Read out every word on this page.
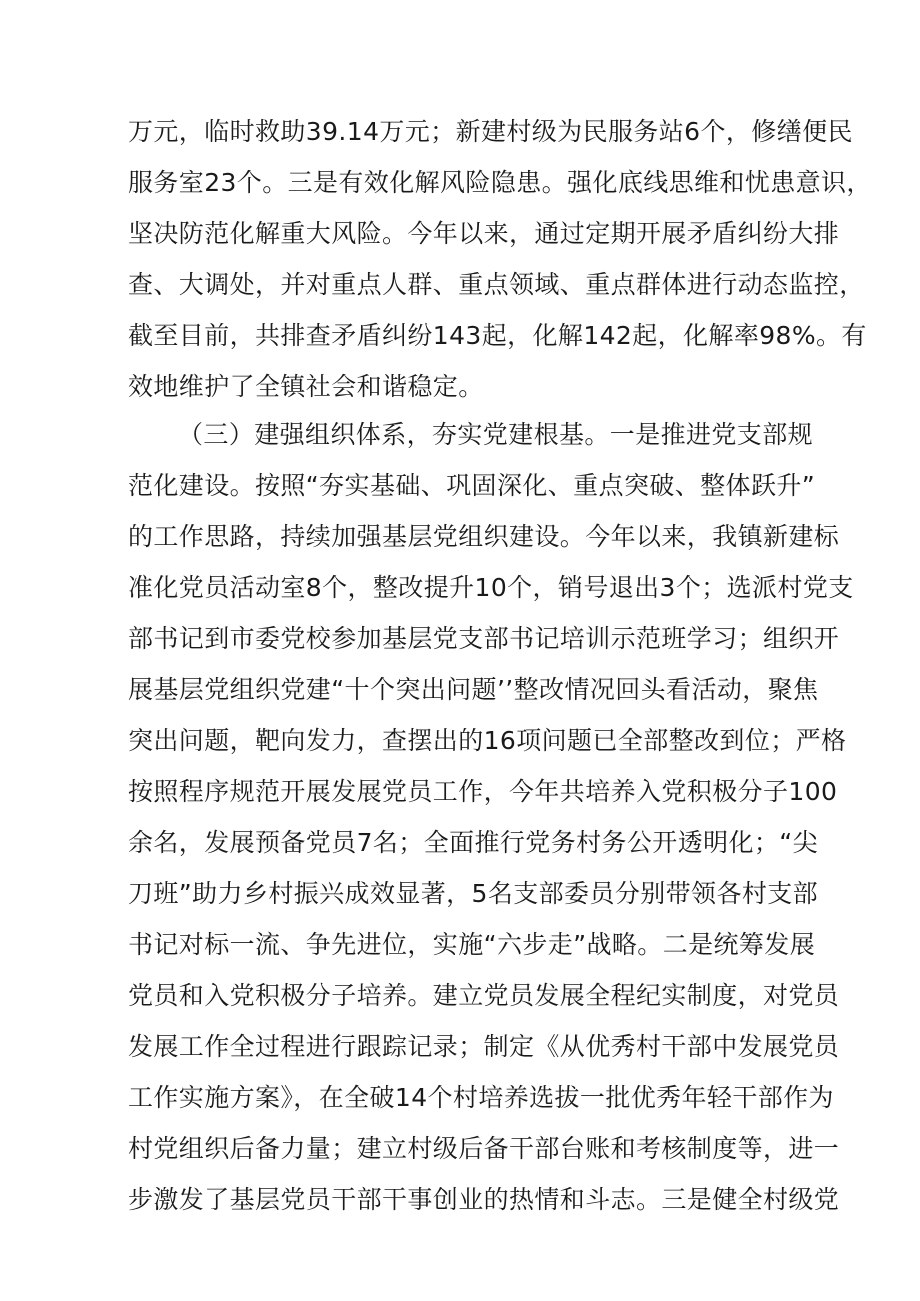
万元，临时救助39.14万元；新建村级为民服务站6个，修缮便民
服务室23个。三是有效化解风险隐患。强化底线思维和忧患意识，
坚决防范化解重大风险。今年以来，通过定期开展矛盾纠纷大排
查、大调处，并对重点人群、重点领域、重点群体进行动态监控，
截至目前，共排查矛盾纠纷143起，化解142起，化解率98%。有
效地维护了全镇社会和谐稳定。
（三）建强组织体系，夯实党建根基。一是推进党支部规
范化建设。按照“夯实基础、巩固深化、重点突破、整体跃升”
的工作思路，持续加强基层党组织建设。今年以来，我镇新建标
准化党员活动室8个，整改提升10个，销号退出3个；选派村党支
部书记到市委党校参加基层党支部书记培训示范班学习；组织开
展基层党组织党建“十个突出问题’’整改情况回头看活动，聚焦
突出问题，靶向发力，查摆出的16项问题已全部整改到位；严格
按照程序规范开展发展党员工作，今年共培养入党积极分子100
余名，发展预备党员7名；全面推行党务村务公开透明化；“尖
刀班”助力乡村振兴成效显著，5名支部委员分别带领各村支部
书记对标一流、争先进位，实施“六步走”战略。二是统筹发展
党员和入党积极分子培养。建立党员发展全程纪实制度，对党员
发展工作全过程进行跟踪记录；制定《从优秀村干部中发展党员
工作实施方案》，在全破14个村培养选拔一批优秀年轻干部作为
村党组织后备力量；建立村级后备干部台账和考核制度等，进一
步激发了基层党员干部干事创业的热情和斗志。三是健全村级党
